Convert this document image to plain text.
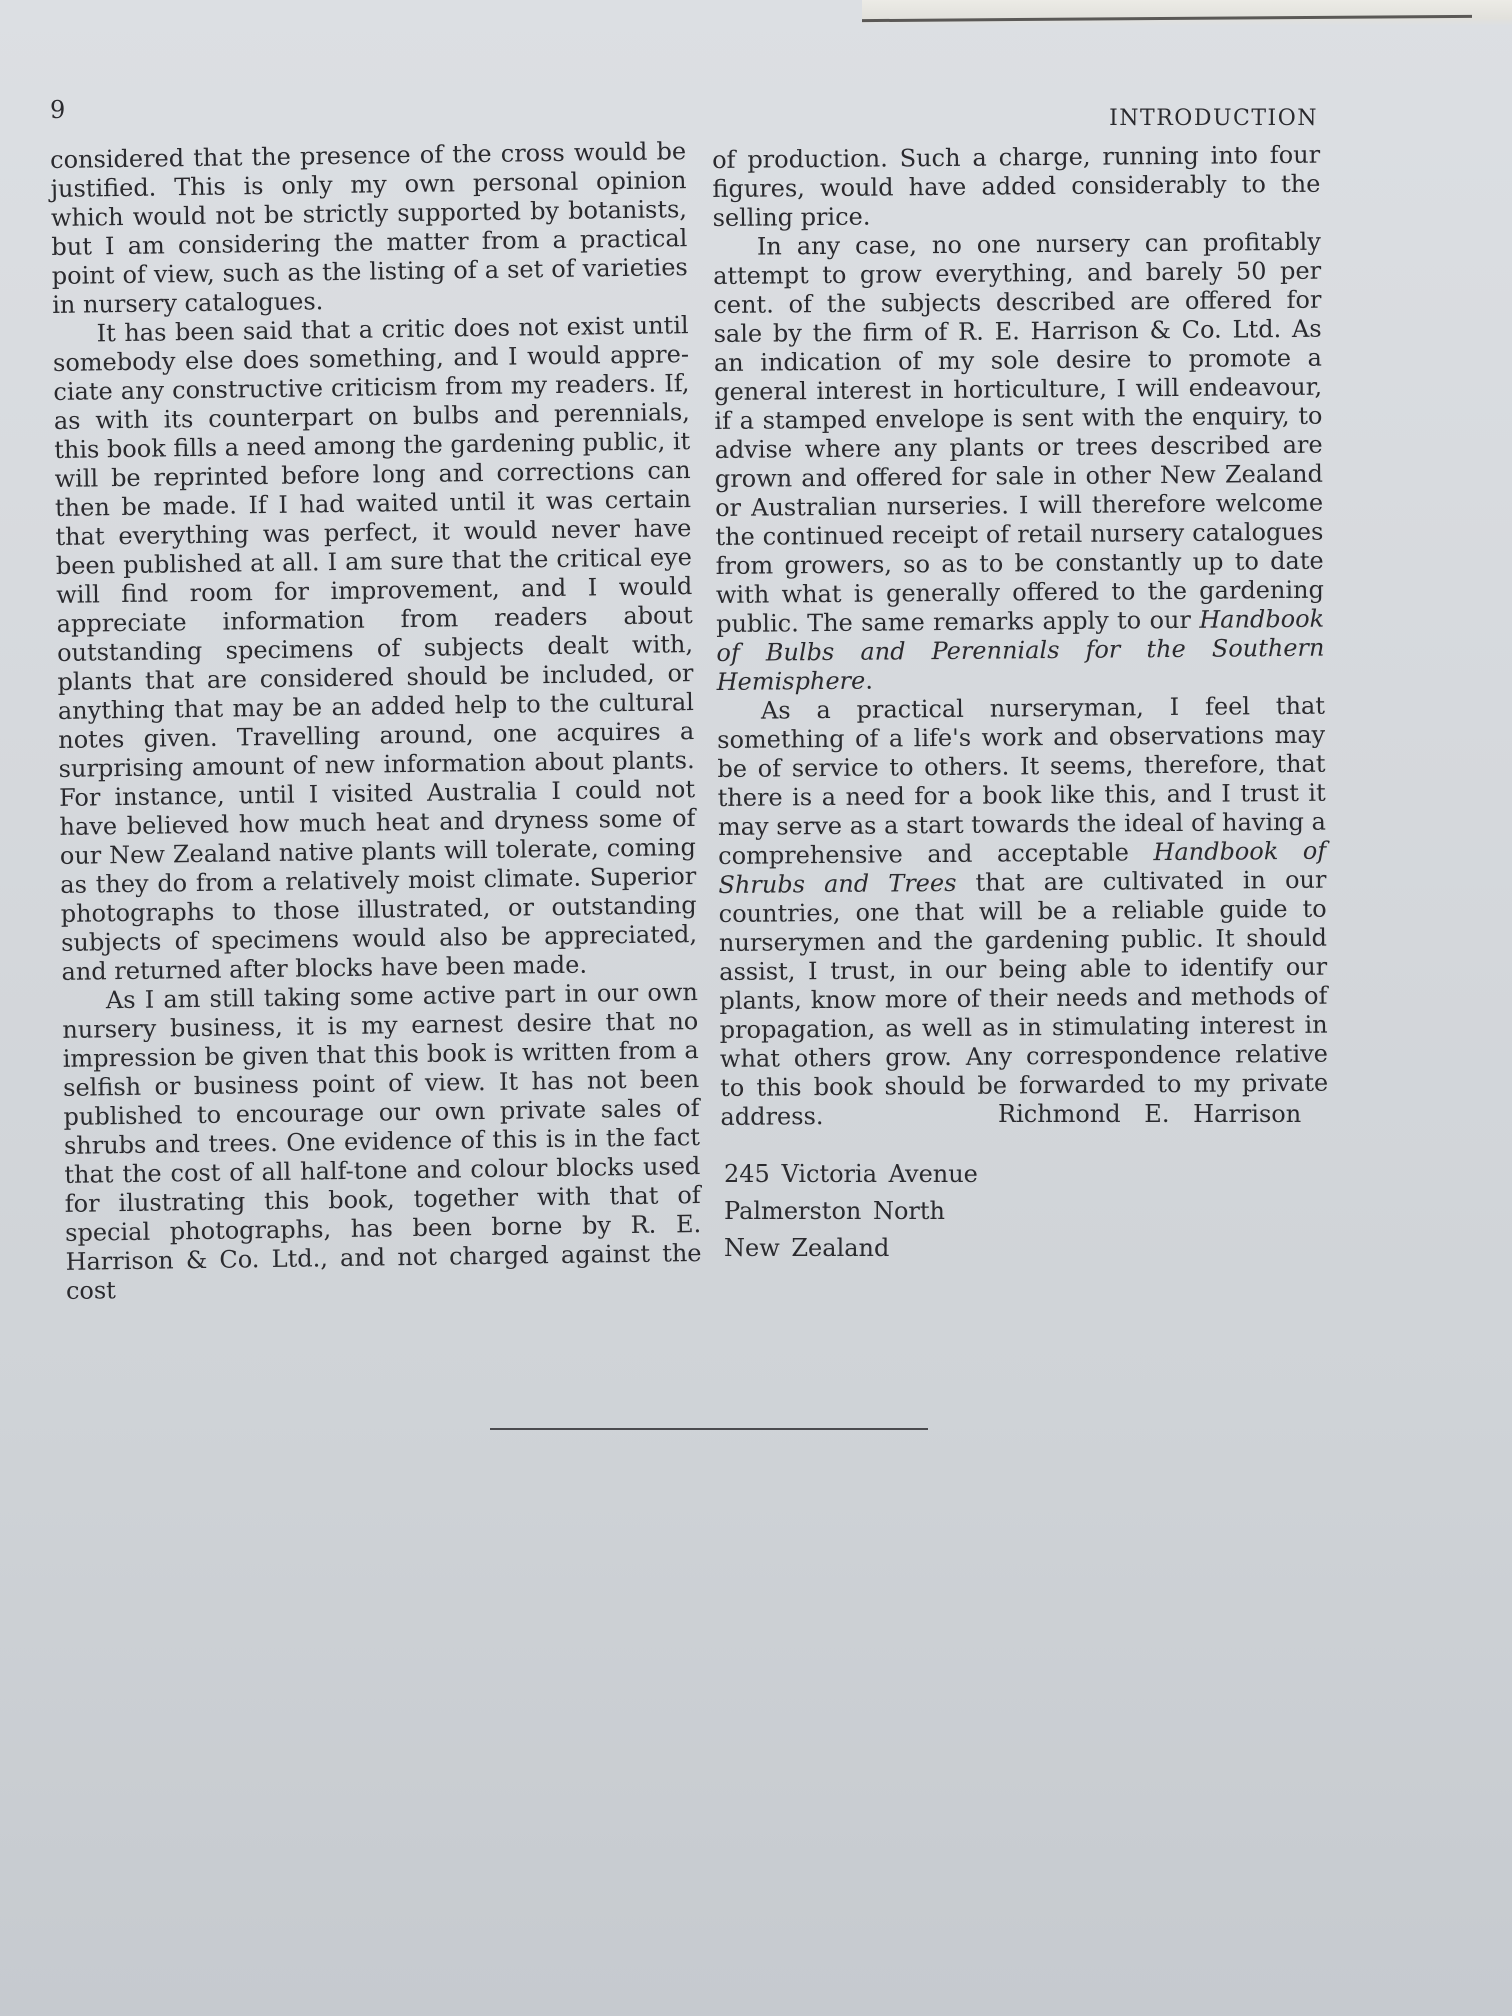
9	INTRODUCTION

considered that the presence of the cross would be justified. This is only my own personal opinion which would not be strictly supported by botanists, but I am considering the matter from a practical point of view, such as the listing of a set of varieties in nursery catalogues.

It has been said that a critic does not exist until somebody else does something, and I would appreciate any constructive criticism from my readers. If, as with its counterpart on bulbs and perennials, this book fills a need among the gardening public, it will be reprinted before long and corrections can then be made. If I had waited until it was certain that everything was perfect, it would never have been published at all. I am sure that the critical eye will find room for improvement, and I would appreciate information from readers about outstanding specimens of subjects dealt with, plants that are considered should be included, or anything that may be an added help to the cultural notes given. Travelling around, one acquires a surprising amount of new information about plants. For instance, until I visited Australia I could not have believed how much heat and dryness some of our New Zealand native plants will tolerate, coming as they do from a relatively moist climate. Superior photographs to those illustrated, or outstanding subjects of specimens would also be appreciated, and returned after blocks have been made.

As I am still taking some active part in our own nursery business, it is my earnest desire that no impression be given that this book is written from a selfish or business point of view. It has not been published to encourage our own private sales of shrubs and trees. One evidence of this is in the fact that the cost of all half-tone and colour blocks used for ilustrating this book, together with that of special photographs, has been borne by R. E. Harrison & Co. Ltd., and not charged against the cost

of production. Such a charge, running into four figures, would have added considerably to the selling price.

In any case, no one nursery can profitably attempt to grow everything, and barely 50 per cent. of the subjects described are offered for sale by the firm of R. E. Harrison & Co. Ltd. As an indication of my sole desire to promote a general interest in horticulture, I will endeavour, if a stamped envelope is sent with the enquiry, to advise where any plants or trees described are grown and offered for sale in other New Zealand or Australian nurseries. I will therefore welcome the continued receipt of retail nursery catalogues from growers, so as to be constantly up to date with what is generally offered to the gardening public. The same remarks apply to our Handbook of Bulbs and Perennials for the Southern Hemisphere.

As a practical nurseryman, I feel that something of a life's work and observations may be of service to others. It seems, therefore, that there is a need for a book like this, and I trust it may serve as a start towards the ideal of having a comprehensive and acceptable Handbook of Shrubs and Trees that are cultivated in our countries, one that will be a reliable guide to nurserymen and the gardening public. It should assist, I trust, in our being able to identify our plants, know more of their needs and methods of propagation, as well as in stimulating interest in what others grow. Any correspondence relative to this book should be forwarded to my private address.	Richmond E. Harrison
245 Victoria Avenue
Palmerston North
New Zealand
